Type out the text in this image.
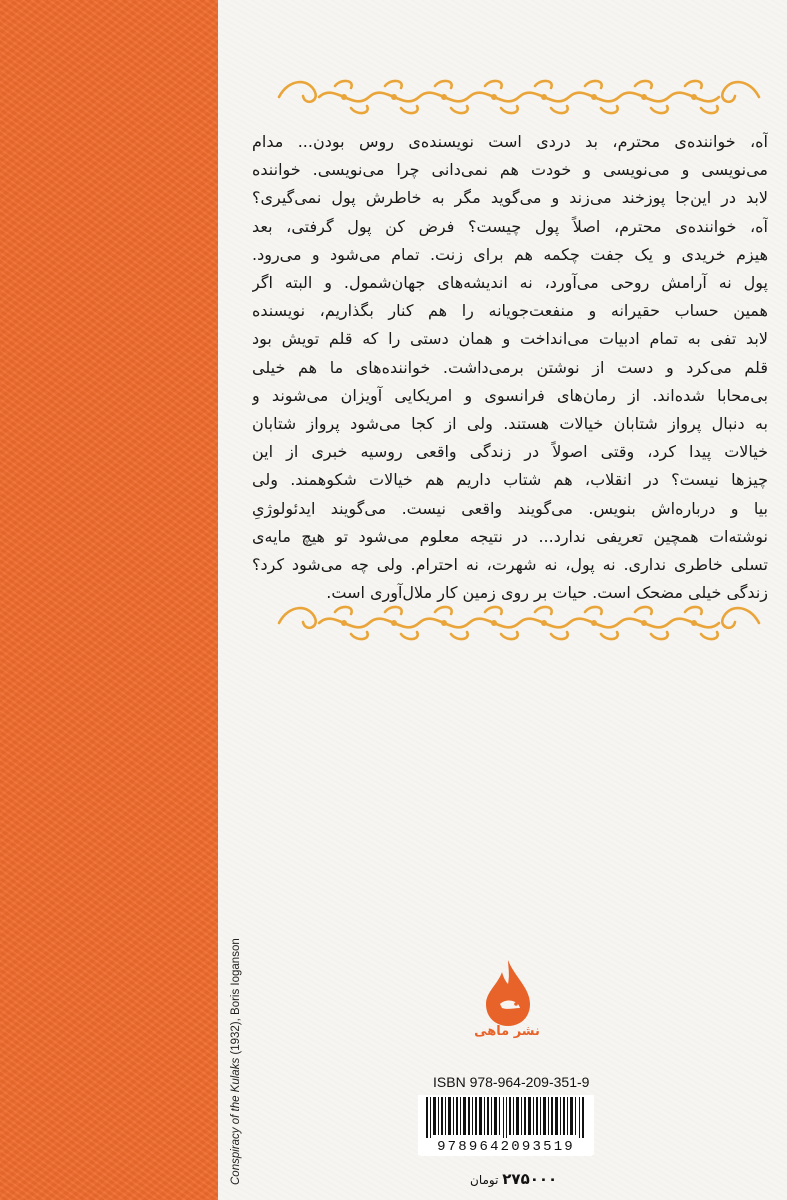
Conspiracy of the Kulaks (1932), Boris Ioganson
آه، خواننده‌ی محترم، بد دردی است نویسنده‌ی روس بودن... مدام
می‌نویسی و می‌نویسی و خودت هم نمی‌دانی چرا می‌نویسی. خواننده
لابد در این‌جا پوزخند می‌زند و می‌گوید مگر به خاطرش پول نمی‌گیری؟
آه، خواننده‌ی محترم، اصلاً پول چیست؟ فرض کن پول گرفتی، بعد
هیزم خریدی و یک جفت چکمه هم برای زنت. تمام می‌شود و می‌رود.
پول نه آرامش روحی می‌آورد، نه اندیشه‌های جهان‌شمول. و البته اگر
همین حساب حقیرانه و منفعت‌جویانه را هم کنار بگذاریم، نویسنده
لابد تفی به تمام ادبیات می‌انداخت و همان دستی را که قلم تویش بود
قلم می‌کرد و دست از نوشتن برمی‌داشت. خواننده‌های ما هم خیلی
بی‌محابا شده‌اند. از رمان‌های فرانسوی و امریکایی آویزان می‌شوند و
به دنبال پرواز شتابان خیالات هستند. ولی از کجا می‌شود پرواز شتابان
خیالات پیدا کرد، وقتی اصولاً در زندگی واقعی روسیه خبری از این
چیزها نیست؟ در انقلاب، هم شتاب داریم هم خیالات شکوهمند. ولی
بیا و درباره‌اش بنویس. می‌گویند واقعی نیست. می‌گویند ایدئولوژیِ
نوشته‌ات همچین تعریفی ندارد... در نتیجه معلوم می‌شود تو هیچ مایه‌ی
تسلی خاطری نداری. نه پول، نه شهرت، نه احترام. ولی چه می‌شود کرد؟
زندگی خیلی مضحک است. حیات بر روی زمین کار ملال‌آوری است.
نشر ماهی
ISBN 978-964-209-351-9
9789642093519
۲۷۵۰۰۰ تومان
